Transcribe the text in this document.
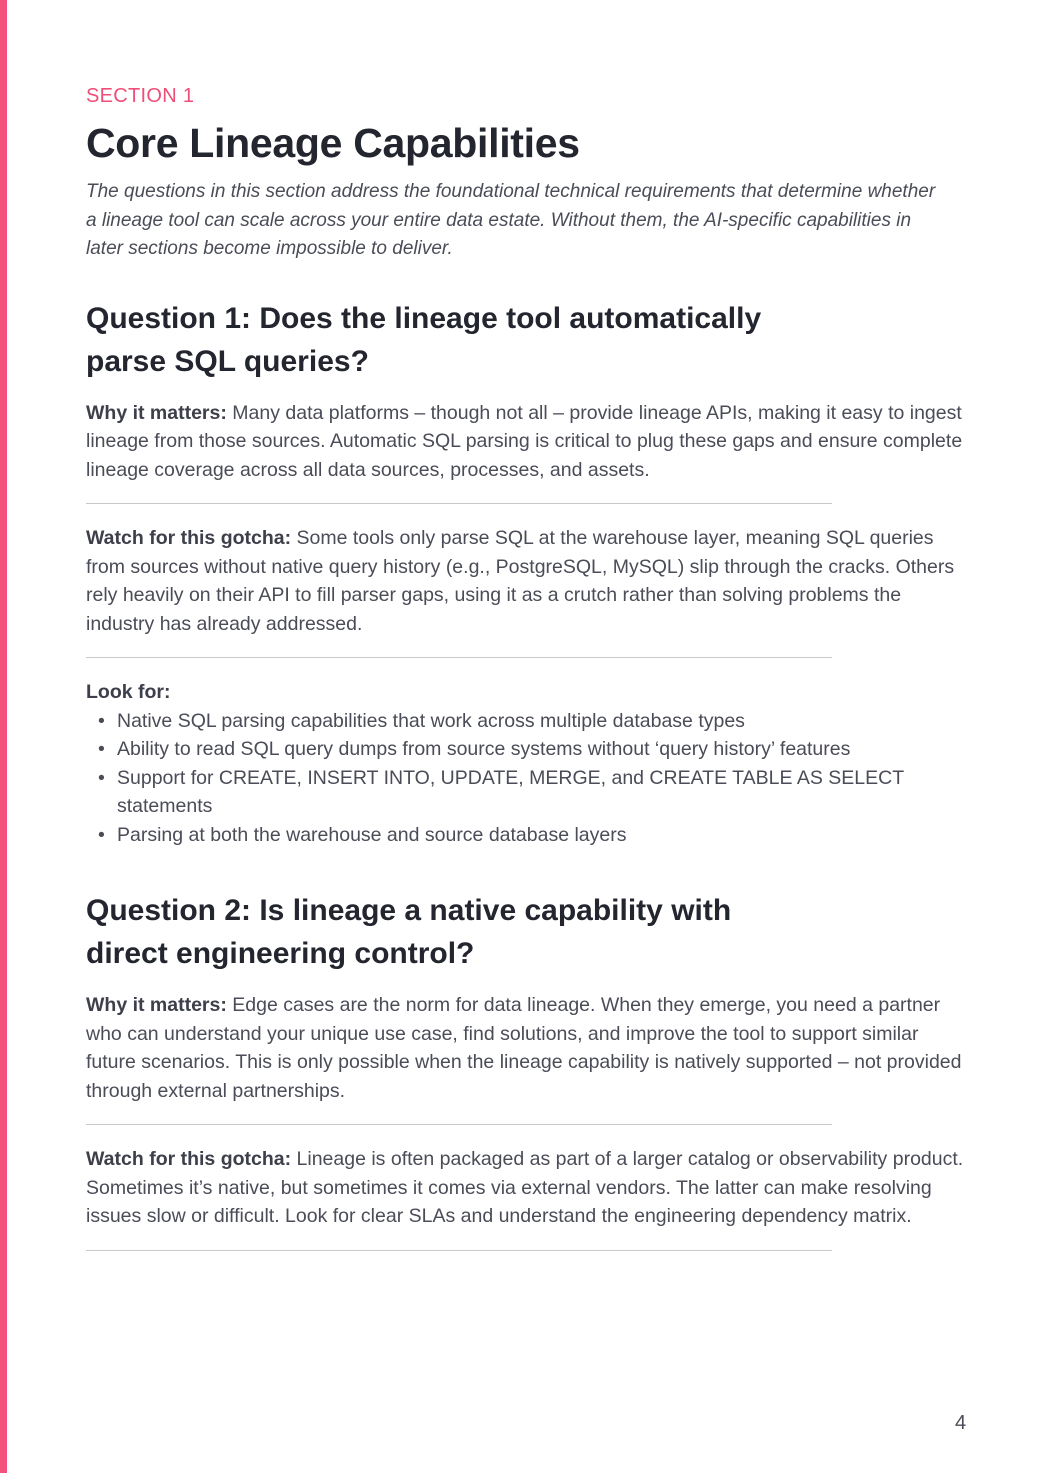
SECTION 1

Core Lineage Capabilities

The questions in this section address the foundational technical requirements that determine whether a lineage tool can scale across your entire data estate. Without them, the AI-specific capabilities in later sections become impossible to deliver.

Question 1: Does the lineage tool automatically parse SQL queries?

Why it matters: Many data platforms – though not all – provide lineage APIs, making it easy to ingest lineage from those sources. Automatic SQL parsing is critical to plug these gaps and ensure complete lineage coverage across all data sources, processes, and assets.

Watch for this gotcha: Some tools only parse SQL at the warehouse layer, meaning SQL queries from sources without native query history (e.g., PostgreSQL, MySQL) slip through the cracks. Others rely heavily on their API to fill parser gaps, using it as a crutch rather than solving problems the industry has already addressed.

Look for:

• Native SQL parsing capabilities that work across multiple database types
• Ability to read SQL query dumps from source systems without ‘query history’ features
• Support for CREATE, INSERT INTO, UPDATE, MERGE, and CREATE TABLE AS SELECT statements
• Parsing at both the warehouse and source database layers
Question 2: Is lineage a native capability with direct engineering control?

Why it matters: Edge cases are the norm for data lineage. When they emerge, you need a partner who can understand your unique use case, find solutions, and improve the tool to support similar future scenarios. This is only possible when the lineage capability is natively supported – not provided through external partnerships.

Watch for this gotcha: Lineage is often packaged as part of a larger catalog or observability product. Sometimes it’s native, but sometimes it comes via external vendors. The latter can make resolving issues slow or difficult. Look for clear SLAs and understand the engineering dependency matrix.

4
